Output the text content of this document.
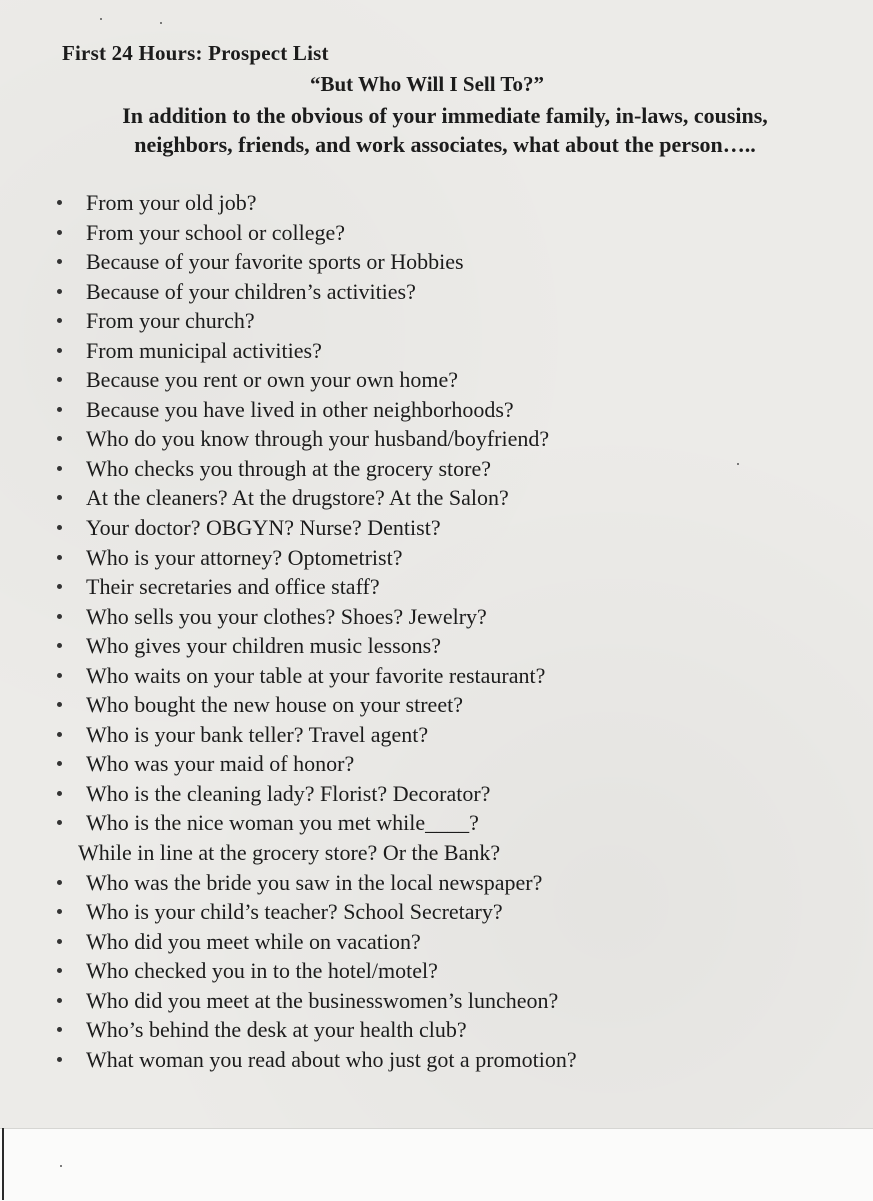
First 24 Hours: Prospect List
“But Who Will I Sell To?”
In addition to the obvious of your immediate family, in-laws, cousins,
neighbors, friends, and work associates, what about the person…..
From your old job?
From your school or college?
Because of your favorite sports or Hobbies
Because of your children’s activities?
From your church?
From municipal activities?
Because you rent or own your own home?
Because you have lived in other neighborhoods?
Who do you know through your husband/boyfriend?
Who checks you through at the grocery store?
At the cleaners? At the drugstore? At the Salon?
Your doctor? OBGYN? Nurse? Dentist?
Who is your attorney? Optometrist?
Their secretaries and office staff?
Who sells you your clothes? Shoes? Jewelry?
Who gives your children music lessons?
Who waits on your table at your favorite restaurant?
Who bought the new house on your street?
Who is your bank teller? Travel agent?
Who was your maid of honor?
Who is the cleaning lady? Florist? Decorator?
Who is the nice woman you met while____?
While in line at the grocery store? Or the Bank?
Who was the bride you saw in the local newspaper?
Who is your child’s teacher? School Secretary?
Who did you meet while on vacation?
Who checked you in to the hotel/motel?
Who did you meet at the businesswomen’s luncheon?
Who’s behind the desk at your health club?
What woman you read about who just got a promotion?
